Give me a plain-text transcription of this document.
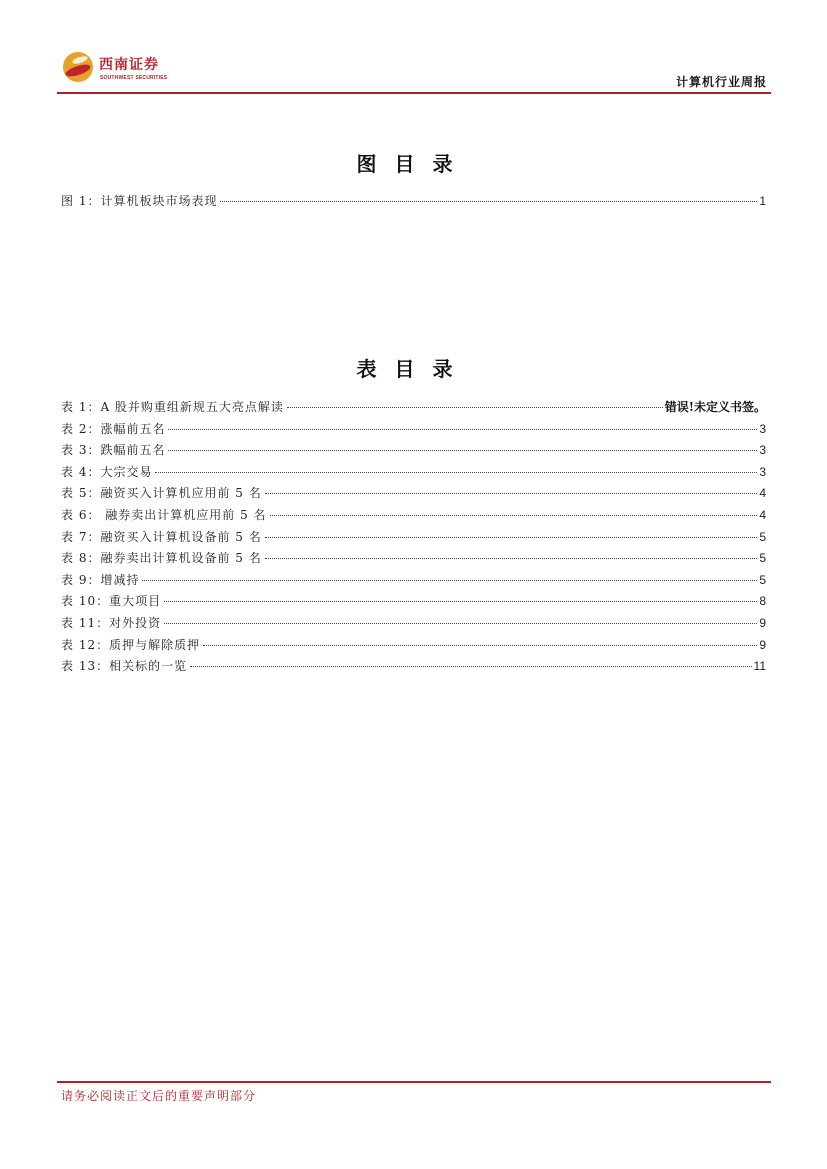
西南证券
SOUTHWEST SECURITIES	计算机行业周报
图目录
图 1：计算机板块市场表现	1
表目录
表 1：A 股并购重组新规五大亮点解读	错误!未定义书签。
表 2：涨幅前五名	3
表 3：跌幅前五名	3
表 4：大宗交易	3
表 5：融资买入计算机应用前 5 名	4
表 6： 融券卖出计算机应用前 5 名	4
表 7：融资买入计算机设备前 5 名	5
表 8：融券卖出计算机设备前 5 名	5
表 9：增减持	5
表 10：重大项目	8
表 11：对外投资	9
表 12：质押与解除质押	9
表 13：相关标的一览	11
请务必阅读正文后的重要声明部分
